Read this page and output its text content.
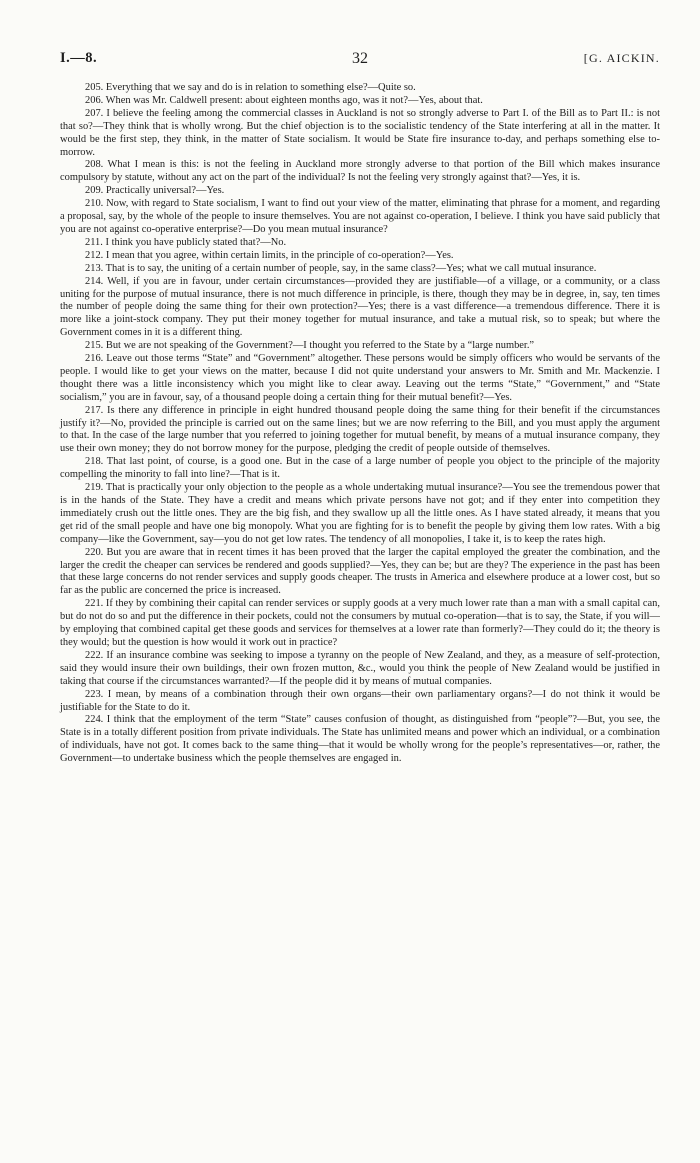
I.—8.	32	[G. AICKIN.

205. Everything that we say and do is in relation to something else?—Quite so.

206. When was Mr. Caldwell present: about eighteen months ago, was it not?—Yes, about that.

207. I believe the feeling among the commercial classes in Auckland is not so strongly adverse to Part I. of the Bill as to Part II.: is not that so?—They think that is wholly wrong. But the chief objection is to the socialistic tendency of the State interfering at all in the matter. It would be the first step, they think, in the matter of State socialism. It would be State fire insurance to-day, and perhaps something else to-morrow.

208. What I mean is this: is not the feeling in Auckland more strongly adverse to that portion of the Bill which makes insurance compulsory by statute, without any act on the part of the individual? Is not the feeling very strongly against that?—Yes, it is.

209. Practically universal?—Yes.

210. Now, with regard to State socialism, I want to find out your view of the matter, eliminating that phrase for a moment, and regarding a proposal, say, by the whole of the people to insure themselves. You are not against co-operation, I believe. I think you have said publicly that you are not against co-operative enterprise?—Do you mean mutual insurance?

211. I think you have publicly stated that?—No.

212. I mean that you agree, within certain limits, in the principle of co-operation?—Yes.

213. That is to say, the uniting of a certain number of people, say, in the same class?—Yes; what we call mutual insurance.

214. Well, if you are in favour, under certain circumstances—provided they are justifiable—of a village, or a community, or a class uniting for the purpose of mutual insurance, there is not much difference in principle, is there, though they may be in degree, in, say, ten times the number of people doing the same thing for their own protection?—Yes; there is a vast difference—a tremendous difference. There it is more like a joint-stock company. They put their money together for mutual insurance, and take a mutual risk, so to speak; but where the Government comes in it is a different thing.

215. But we are not speaking of the Government?—I thought you referred to the State by a “large number.”

216. Leave out those terms “State” and “Government” altogether. These persons would be simply officers who would be servants of the people. I would like to get your views on the matter, because I did not quite understand your answers to Mr. Smith and Mr. Mackenzie. I thought there was a little inconsistency which you might like to clear away. Leaving out the terms “State,” “Government,” and “State socialism,” you are in favour, say, of a thousand people doing a certain thing for their mutual benefit?—Yes.

217. Is there any difference in principle in eight hundred thousand people doing the same thing for their benefit if the circumstances justify it?—No, provided the principle is carried out on the same lines; but we are now referring to the Bill, and you must apply the argument to that. In the case of the large number that you referred to joining together for mutual benefit, by means of a mutual insurance company, they use their own money; they do not borrow money for the purpose, pledging the credit of people outside of themselves.

218. That last point, of course, is a good one. But in the case of a large number of people you object to the principle of the majority compelling the minority to fall into line?—That is it.

219. That is practically your only objection to the people as a whole undertaking mutual insurance?—You see the tremendous power that is in the hands of the State. They have a credit and means which private persons have not got; and if they enter into competition they immediately crush out the little ones. They are the big fish, and they swallow up all the little ones. As I have stated already, it means that you get rid of the small people and have one big monopoly. What you are fighting for is to benefit the people by giving them low rates. With a big company—like the Government, say—you do not get low rates. The tendency of all monopolies, I take it, is to keep the rates high.

220. But you are aware that in recent times it has been proved that the larger the capital employed the greater the combination, and the larger the credit the cheaper can services be rendered and goods supplied?—Yes, they can be; but are they? The experience in the past has been that these large concerns do not render services and supply goods cheaper. The trusts in America and elsewhere produce at a lower cost, but so far as the public are concerned the price is increased.

221. If they by combining their capital can render services or supply goods at a very much lower rate than a man with a small capital can, but do not do so and put the difference in their pockets, could not the consumers by mutual co-operation—that is to say, the State, if you will—by employing that combined capital get these goods and services for themselves at a lower rate than formerly?—They could do it; the theory is they would; but the question is how would it work out in practice?

222. If an insurance combine was seeking to impose a tyranny on the people of New Zealand, and they, as a measure of self-protection, said they would insure their own buildings, their own frozen mutton, &c., would you think the people of New Zealand would be justified in taking that course if the circumstances warranted?—If the people did it by means of mutual companies.

223. I mean, by means of a combination through their own organs—their own parliamentary organs?—I do not think it would be justifiable for the State to do it.

224. I think that the employment of the term “State” causes confusion of thought, as distinguished from “people”?—But, you see, the State is in a totally different position from private individuals. The State has unlimited means and power which an individual, or a combination of individuals, have not got. It comes back to the same thing—that it would be wholly wrong for the people’s representatives—or, rather, the Government—to undertake business which the people themselves are engaged in.
